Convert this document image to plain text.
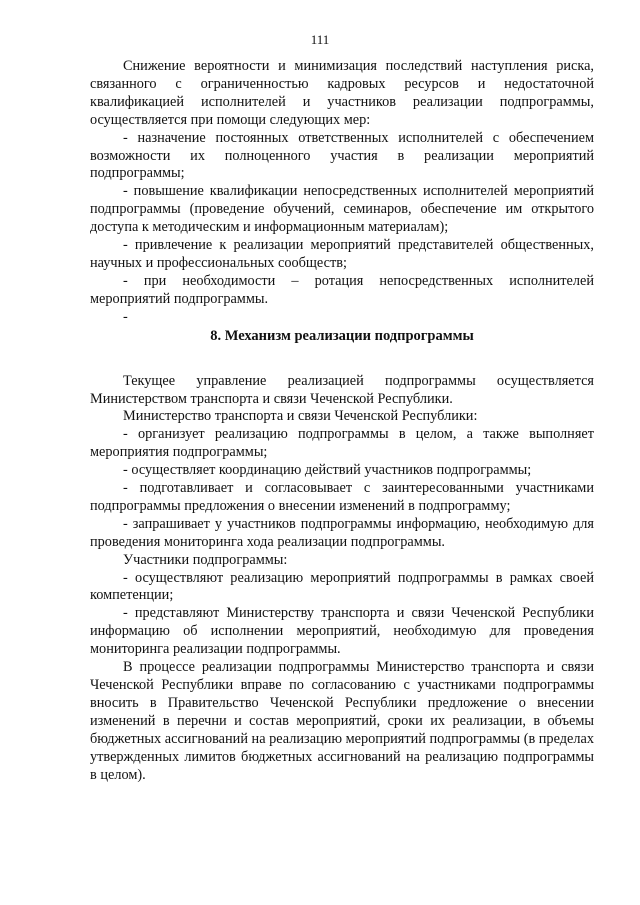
111

Снижение вероятности и минимизация последствий наступления риска, связанного с ограниченностью кадровых ресурсов и недостаточной квалификацией исполнителей и участников реализации подпрограммы, осуществляется при помощи следующих мер:

- назначение постоянных ответственных исполнителей с обеспечением возможности их полноценного участия в реализации мероприятий подпрограммы;

- повышение квалификации непосредственных исполнителей мероприятий подпрограммы (проведение обучений, семинаров, обеспечение им открытого доступа к методическим и информационным материалам);

- привлечение к реализации мероприятий представителей общественных, научных и профессиональных сообществ;

- при необходимости – ротация непосредственных исполнителей мероприятий подпрограммы.

-

8. Механизм реализации подпрограммы

Текущее управление реализацией подпрограммы осуществляется Министерством транспорта и связи Чеченской Республики.

Министерство транспорта и связи Чеченской Республики:

- организует реализацию подпрограммы в целом, а также выполняет мероприятия подпрограммы;

- осуществляет координацию действий участников подпрограммы;

- подготавливает и согласовывает с заинтересованными участниками подпрограммы предложения о внесении изменений в подпрограмму;

- запрашивает у участников подпрограммы информацию, необходимую для проведения мониторинга хода реализации подпрограммы.

Участники подпрограммы:

- осуществляют реализацию мероприятий подпрограммы в рамках своей компетенции;

- представляют Министерству транспорта и связи Чеченской Республики информацию об исполнении мероприятий, необходимую для проведения мониторинга реализации подпрограммы.

В процессе реализации подпрограммы Министерство транспорта и связи Чеченской Республики вправе по согласованию с участниками подпрограммы вносить в Правительство Чеченской Республики предложение о внесении изменений в перечни и состав мероприятий, сроки их реализации, в объемы бюджетных ассигнований на реализацию мероприятий подпрограммы (в пределах утвержденных лимитов бюджетных ассигнований на реализацию подпрограммы в целом).
